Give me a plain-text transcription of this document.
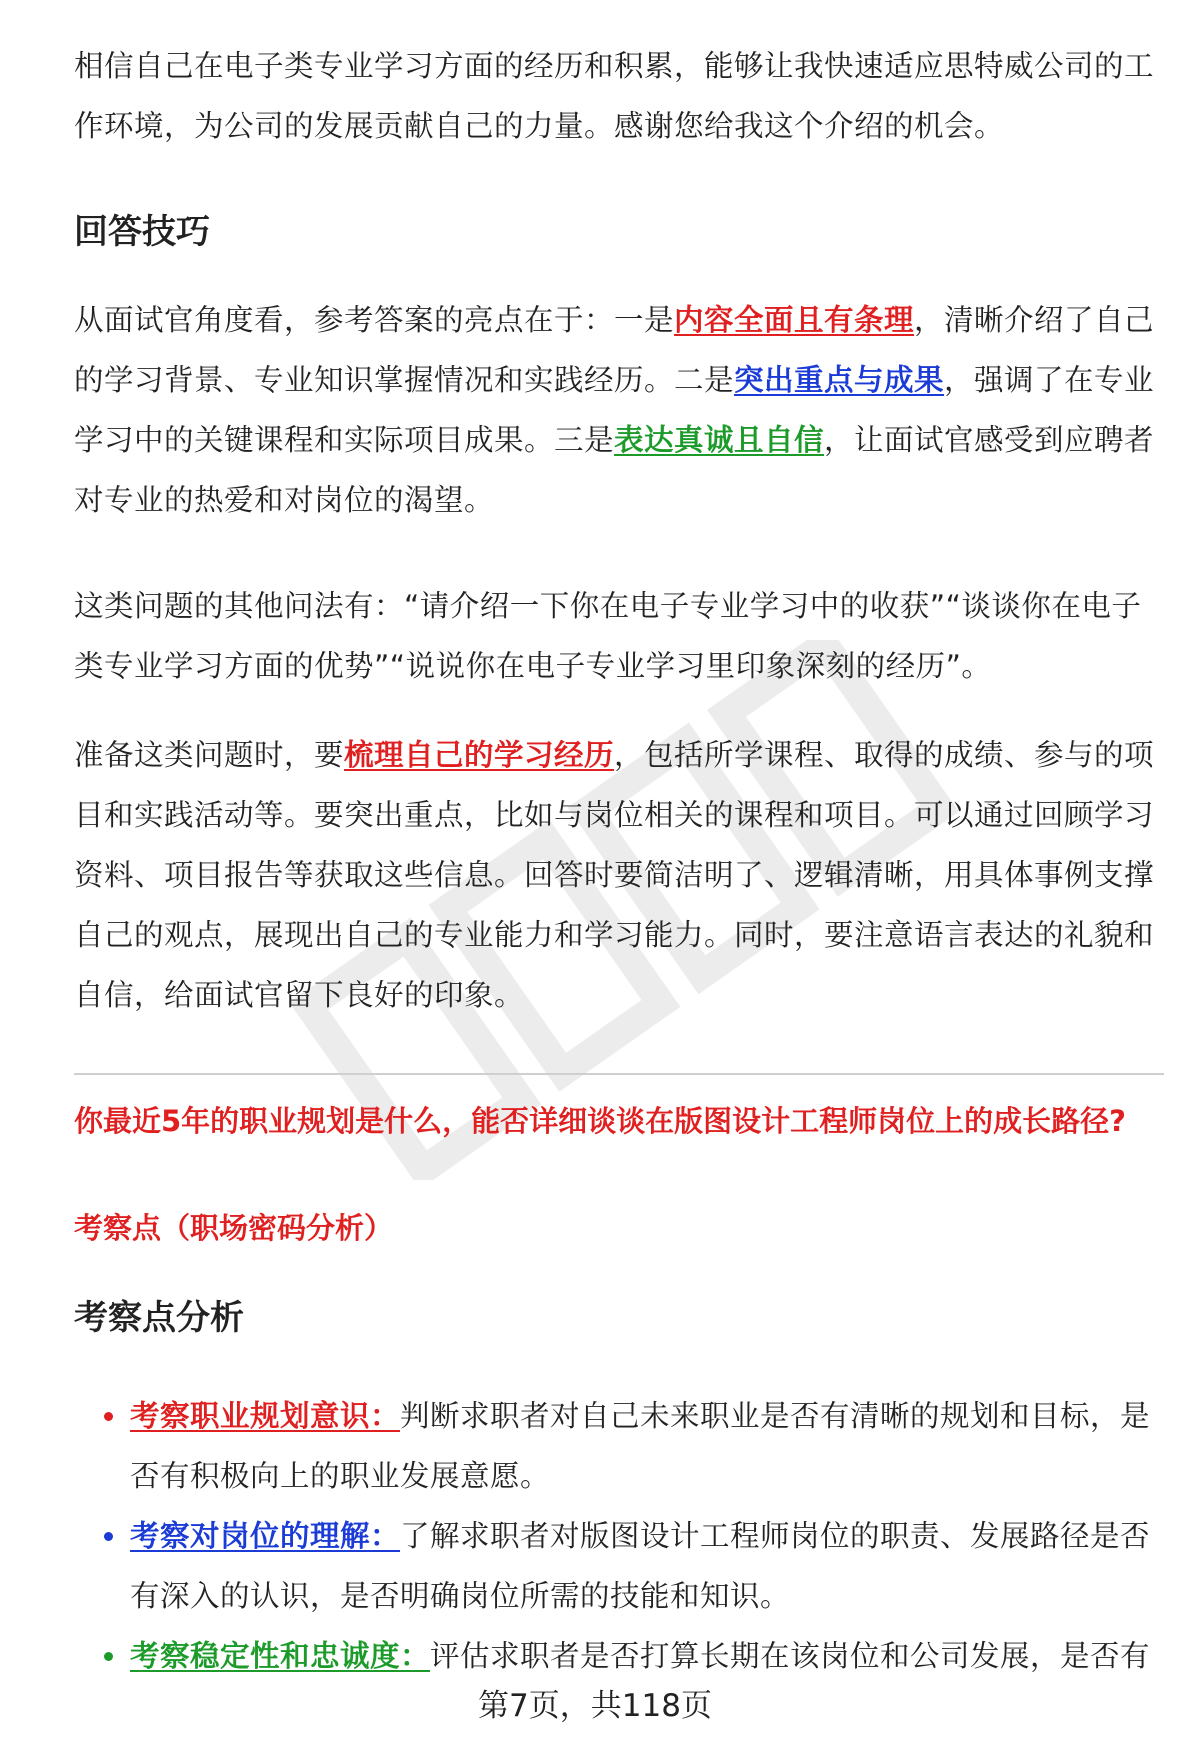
相信自己在电子类专业学习方面的经历和积累，能够让我快速适应思特威公司的工作环境，为公司的发展贡献自己的力量。感谢您给我这个介绍的机会。

回答技巧

从面试官角度看，参考答案的亮点在于：一是内容全面且有条理，清晰介绍了自己的学习背景、专业知识掌握情况和实践经历。二是突出重点与成果，强调了在专业学习中的关键课程和实际项目成果。三是表达真诚且自信，让面试官感受到应聘者对专业的热爱和对岗位的渴望。

这类问题的其他问法有：“请介绍一下你在电子专业学习中的收获”“谈谈你在电子类专业学习方面的优势”“说说你在电子专业学习里印象深刻的经历”。

准备这类问题时，要梳理自己的学习经历，包括所学课程、取得的成绩、参与的项目和实践活动等。要突出重点，比如与岗位相关的课程和项目。可以通过回顾学习资料、项目报告等获取这些信息。回答时要简洁明了、逻辑清晰，用具体事例支撑自己的观点，展现出自己的专业能力和学习能力。同时，要注意语言表达的礼貌和自信，给面试官留下良好的印象。

你最近5年的职业规划是什么，能否详细谈谈在版图设计工程师岗位上的成长路径?

考察点（职场密码分析）

考察点分析
考察职业规划意识：判断求职者对自己未来职业是否有清晰的规划和目标，是否有积极向上的职业发展意愿。
考察对岗位的理解：了解求职者对版图设计工程师岗位的职责、发展路径是否有深入的认识，是否明确岗位所需的技能和知识。
考察稳定性和忠诚度：评估求职者是否打算长期在该岗位和公司发展，是否有
第7页，共118页
